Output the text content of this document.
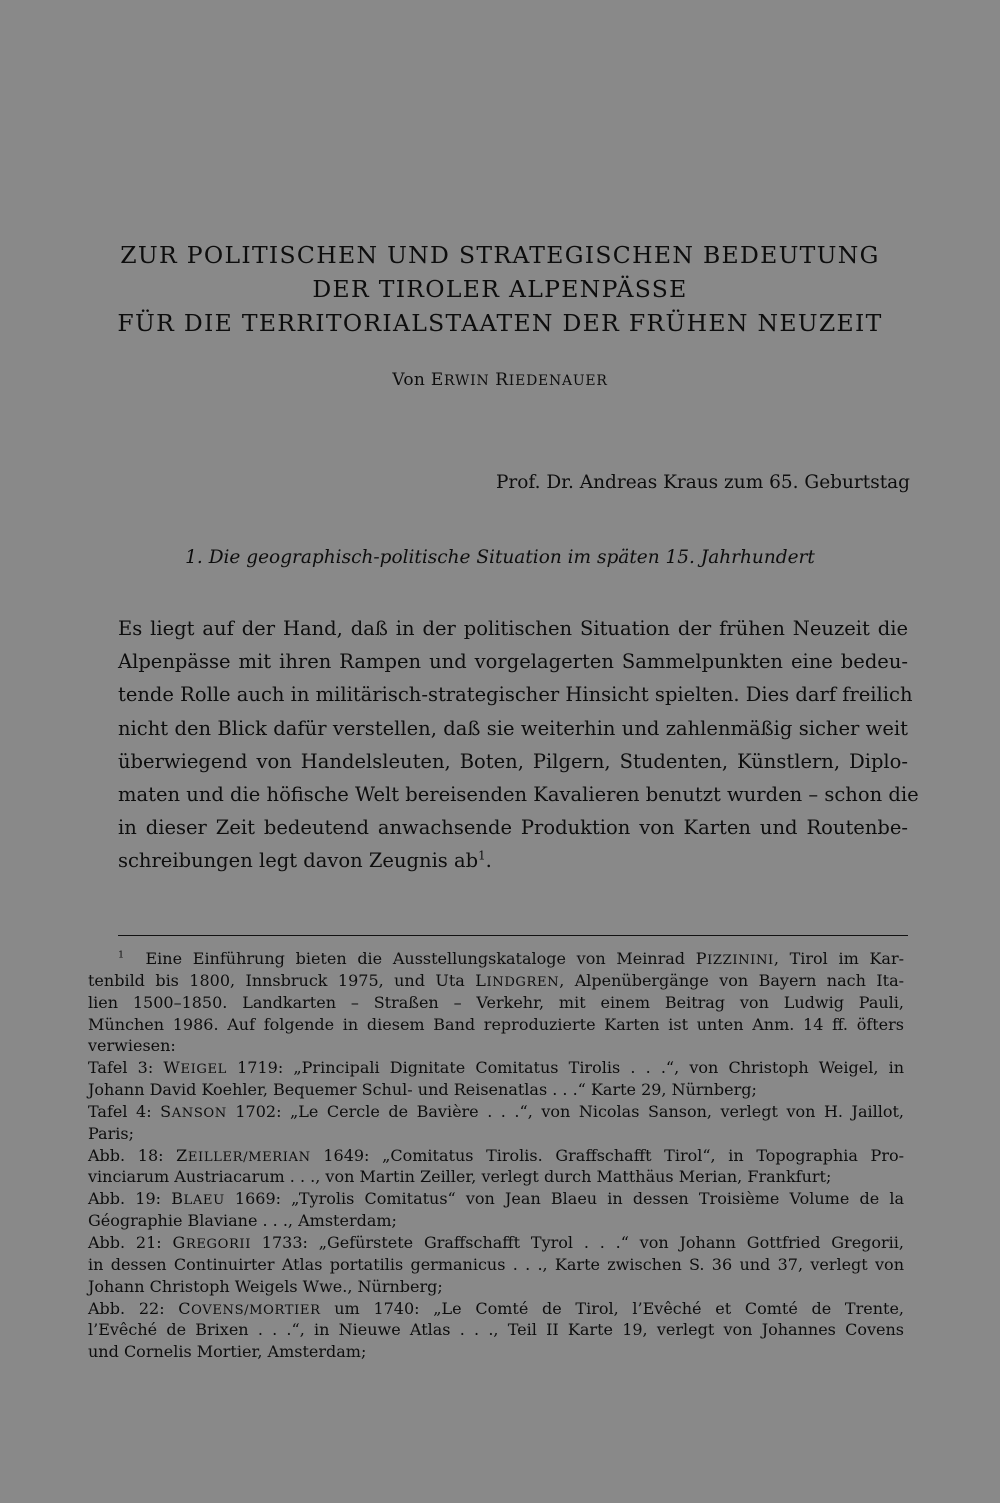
ZUR POLITISCHEN UND STRATEGISCHEN BEDEUTUNG
DER TIROLER ALPENPÄSSE
FÜR DIE TERRITORIALSTAATEN DER FRÜHEN NEUZEIT
Von ERWIN RIEDENAUER
Prof. Dr. Andreas Kraus zum 65. Geburtstag
1. Die geographisch-politische Situation im späten 15. Jahrhundert
Es liegt auf der Hand, daß in der politischen Situation der frühen Neuzeit die
Alpenpässe mit ihren Rampen und vorgelagerten Sammelpunkten eine bedeu-
tende Rolle auch in militärisch-strategischer Hinsicht spielten. Dies darf freilich
nicht den Blick dafür verstellen, daß sie weiterhin und zahlenmäßig sicher weit
überwiegend von Handelsleuten, Boten, Pilgern, Studenten, Künstlern, Diplo-
maten und die höfische Welt bereisenden Kavalieren benutzt wurden – schon die
in dieser Zeit bedeutend anwachsende Produktion von Karten und Routenbe-
schreibungen legt davon Zeugnis $ab^1$.
$^1$ Eine Einführung bieten die Ausstellungskataloge von Meinrad PIZZININI, Tirol im Kar-
tenbild bis 1800, Innsbruck 1975, und Uta LINDGREN, Alpenübergänge von Bayern nach Ita-
lien 1500–1850. Landkarten – Straßen – Verkehr, mit einem Beitrag von Ludwig Pauli,
München 1986. Auf folgende in diesem Band reproduzierte Karten ist unten Anm. 14 ff. öfters
verwiesen:
Tafel 3: WEIGEL 1719: „Principali Dignitate Comitatus Tirolis . . .“, von Christoph Weigel, in
Johann David Koehler, Bequemer Schul- und Reisenatlas . . .“ Karte 29, Nürnberg;
Tafel 4: SANSON 1702: „Le Cercle de Bavière . . .“, von Nicolas Sanson, verlegt von H. Jaillot,
Paris;
Abb. 18: ZEILLER/MERIAN 1649: „Comitatus Tirolis. Graffschafft Tirol“, in Topographia Pro-
vinciarum Austriacarum . . ., von Martin Zeiller, verlegt durch Matthäus Merian, Frankfurt;
Abb. 19: BLAEU 1669: „Tyrolis Comitatus“ von Jean Blaeu in dessen Troisième Volume de la
Géographie Blaviane . . ., Amsterdam;
Abb. 21: GREGORII 1733: „Gefürstete Graffschafft Tyrol . . .“ von Johann Gottfried Gregorii,
in dessen Continuirter Atlas portatilis germanicus . . ., Karte zwischen S. 36 und 37, verlegt von
Johann Christoph Weigels Wwe., Nürnberg;
Abb. 22: COVENS/MORTIER um 1740: „Le Comté de Tirol, l’Evêché et Comté de Trente,
l’Evêché de Brixen . . .“, in Nieuwe Atlas . . ., Teil II Karte 19, verlegt von Johannes Covens
und Cornelis Mortier, Amsterdam;
